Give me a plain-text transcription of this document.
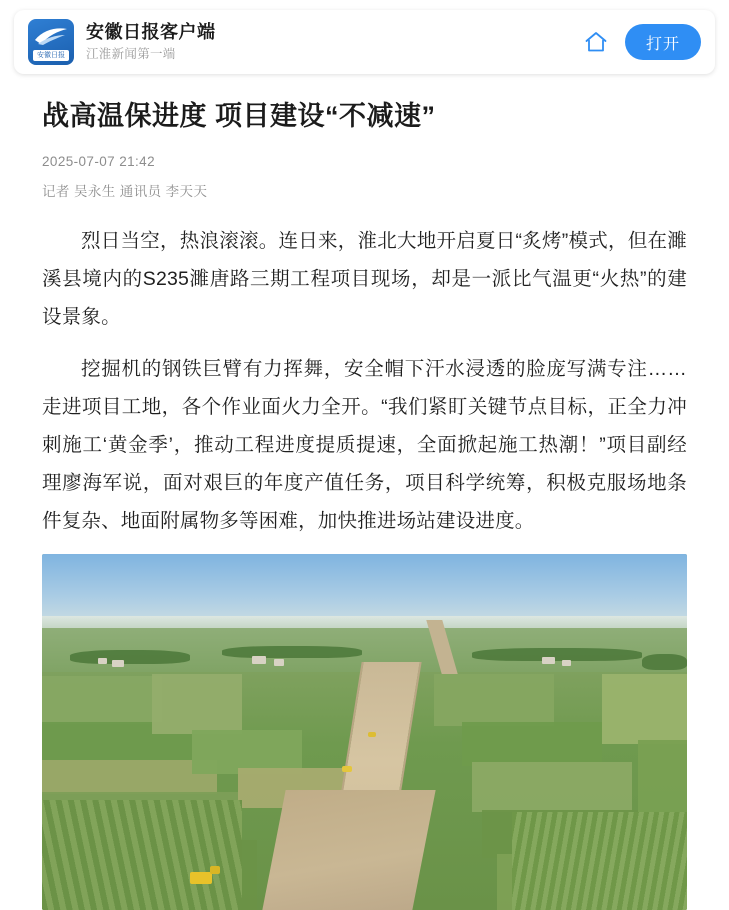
安徽日报
安徽日报客户端
江淮新闻第一端
打开
战高温保进度 项目建设“不减速”
2025-07-07 21:42
记者 吴永生 通讯员 李天天

烈日当空，热浪滚滚。连日来，淮北大地开启夏日“炙烤”模式，但在濉溪县境内的S235濉唐路三期工程项目现场，却是一派比气温更“火热”的建设景象。

挖掘机的钢铁巨臂有力挥舞，安全帽下汗水浸透的脸庞写满专注……走进项目工地，各个作业面火力全开。“我们紧盯关键节点目标，正全力冲刺施工‘黄金季’，推动工程进度提质提速，全面掀起施工热潮！”项目副经理廖海军说，面对艰巨的年度产值任务，项目科学统筹，积极克服场地条件复杂、地面附属物多等困难，加快推进场站建设进度。
